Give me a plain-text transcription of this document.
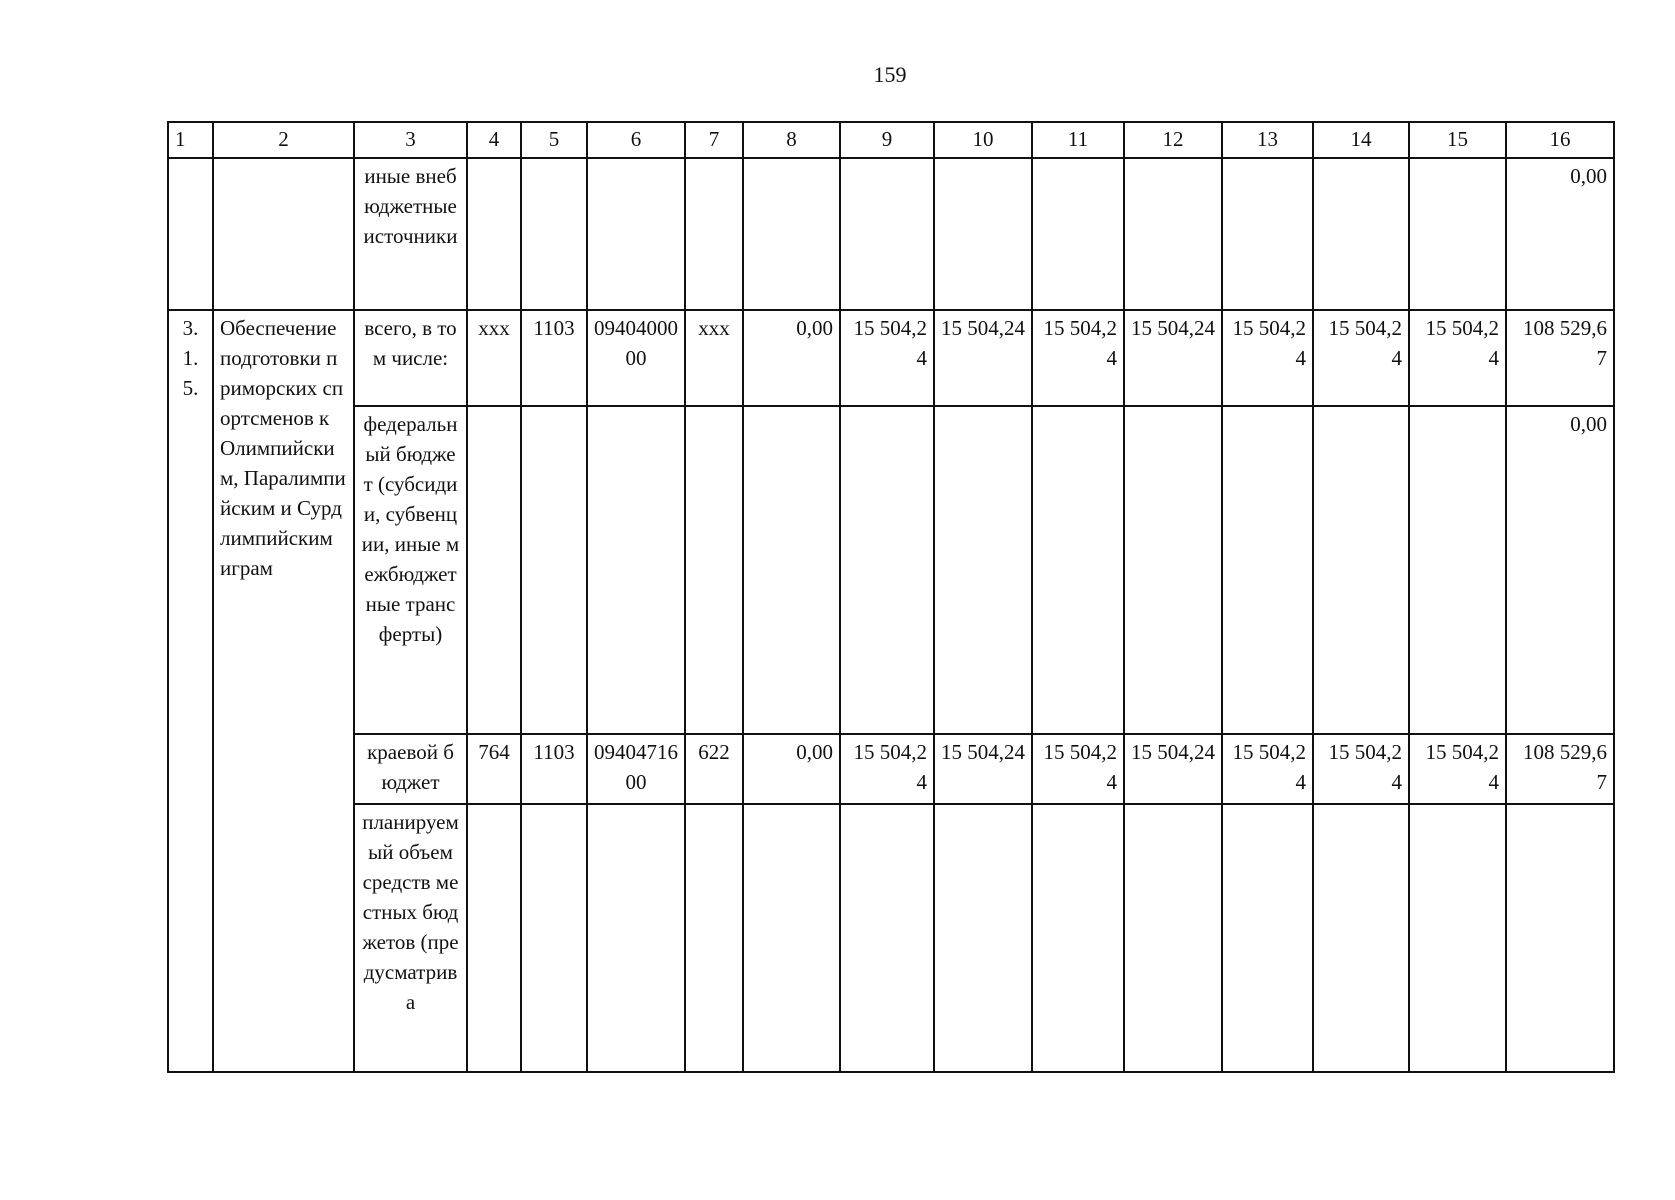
159
1	2	3	4	5	6	7	8	9	10	11	12	13	14	15	16	
		иные внебюджетные источники													0,00	
3.1.5.	Обеспечение подготовки приморских спортсменов к Олимпийским, Паралимпийским и Сурдлимпийским играм	всего, в том числе:	xxx	1103	0940400000	xxx	0,00	15 504,24	15 504,24	15 504,24	15 504,24	15 504,24	15 504,24	15 504,24	108 529,67	
		федеральный бюджет (субсидии, субвенции, иные межбюджетные трансферты)													0,00	
		краевой бюджет	764	1103	0940471600	622	0,00	15 504,24	15 504,24	15 504,24	15 504,24	15 504,24	15 504,24	15 504,24	108 529,67	
		планируемый объем средств местных бюджетов (предусматрива														
